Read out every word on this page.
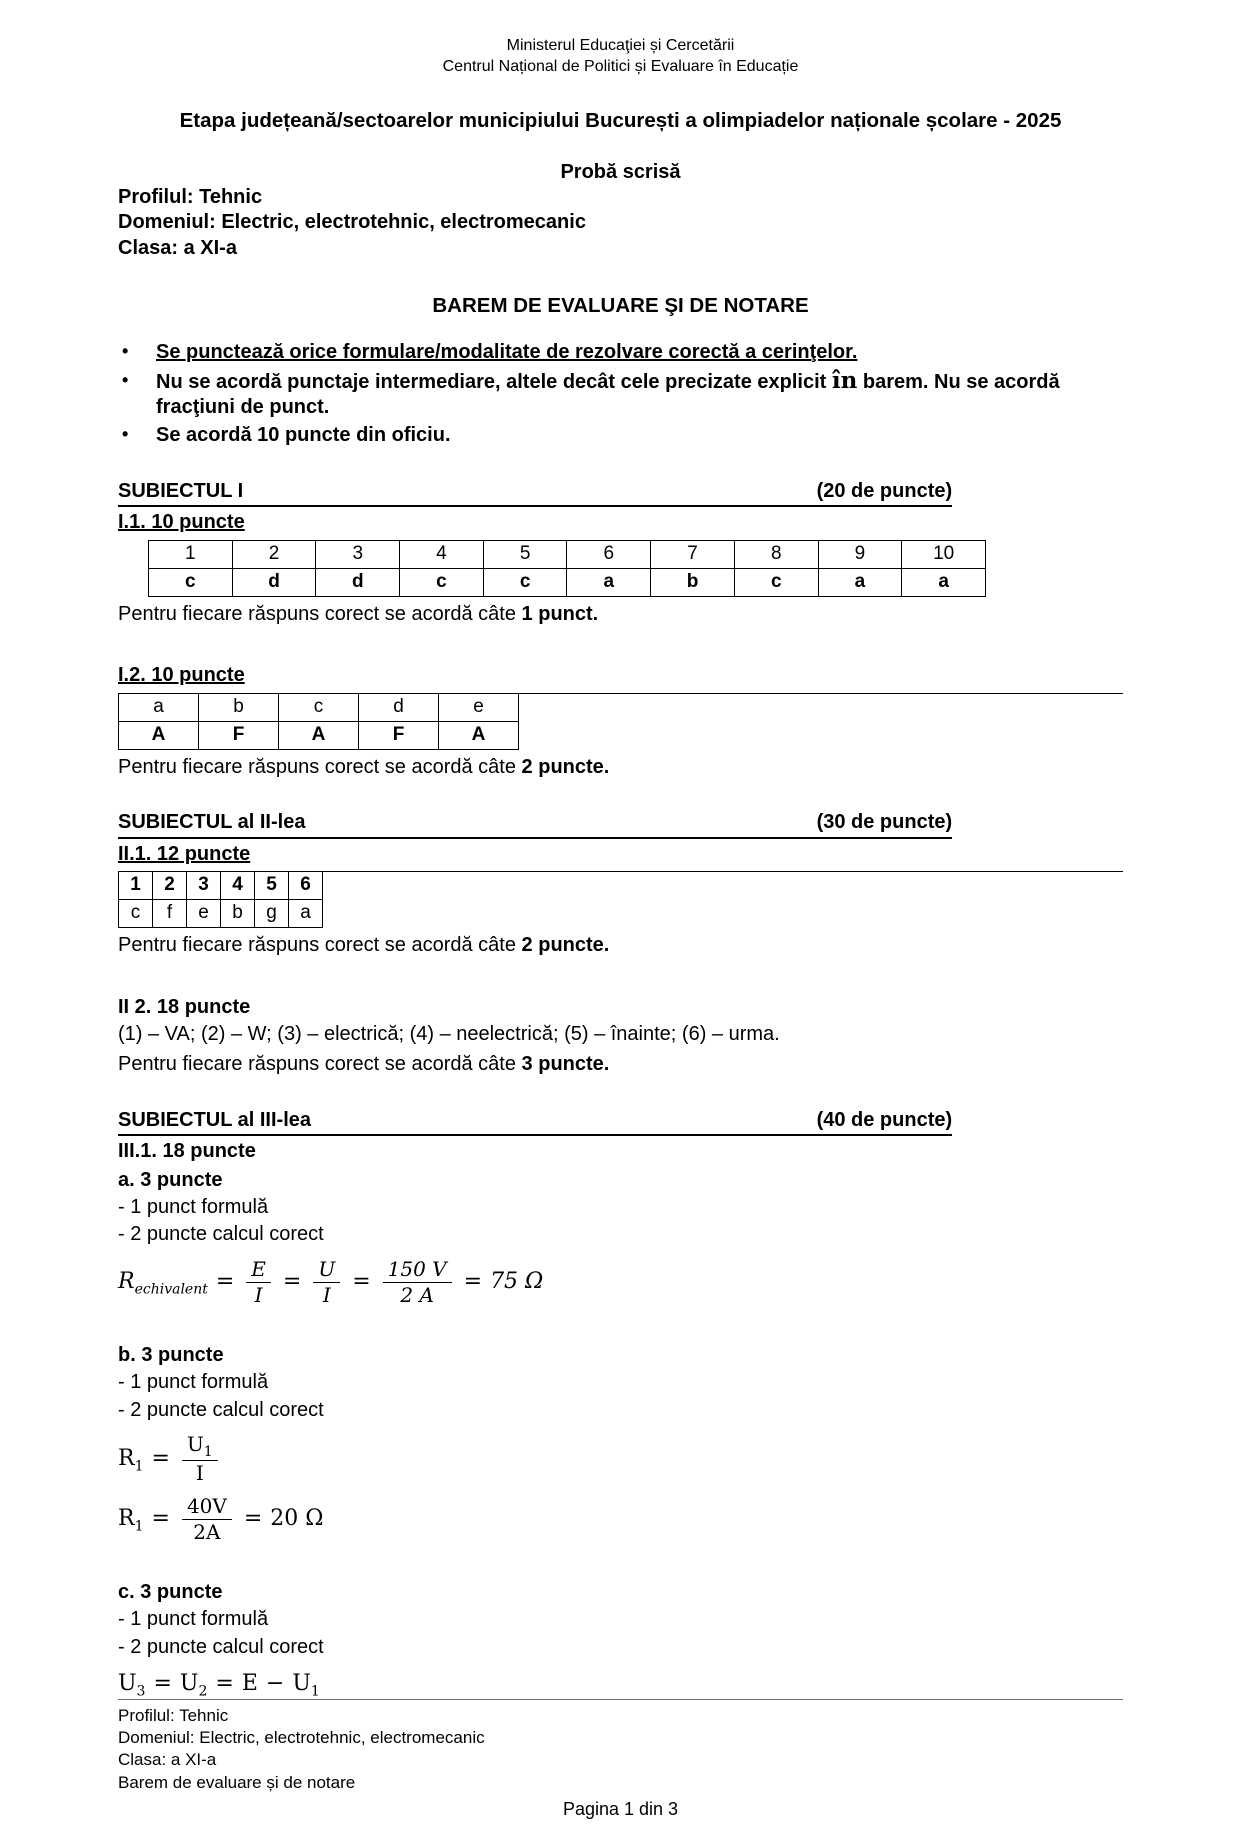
Ministerul Educaţiei și Cercetării
Centrul Național de Politici și Evaluare în Educație
Etapa județeană/sectoarelor municipiului București a olimpiadelor naționale școlare - 2025
Probă scrisă
Profilul: Tehnic
Domeniul: Electric, electrotehnic, electromecanic
Clasa: a XI-a
BAREM DE EVALUARE ŞI DE NOTARE
• Se punctează orice formulare/modalitate de rezolvare corectă a cerinţelor.
• Nu se acordă punctaje intermediare, altele decât cele precizate explicit în barem. Nu se acordă fracţiuni de punct.
• Se acordă 10 puncte din oficiu.
SUBIECTUL I	(20 de puncte)
I.1. 10 puncte
1	2	3	4	5	6	7	8	9	10
c	d	d	c	c	a	b	c	a	a
Pentru fiecare răspuns corect se acordă câte 1 punct.
I.2. 10 puncte
a	b	c	d	e
A	F	A	F	A
Pentru fiecare răspuns corect se acordă câte 2 puncte.
SUBIECTUL al II-lea	(30 de puncte)
II.1. 12 puncte
1	2	3	4	5	6
c	f	e	b	g	a
Pentru fiecare răspuns corect se acordă câte 2 puncte.
II 2. 18 puncte
(1) – VA; (2) – W; (3) – electrică; (4) – neelectrică; (5) – înainte; (6) – urma.
Pentru fiecare răspuns corect se acordă câte 3 puncte.
SUBIECTUL al III-lea	(40 de puncte)
III.1. 18 puncte
a. 3 puncte
- 1 punct formulă
- 2 puncte calcul corect
$R_{echivalent} = \frac{E}{I} = \frac{U}{I} = \frac{150 V}{2 A} = 75$ Ω
b. 3 puncte
- 1 punct formulă
- 2 puncte calcul corect
$R_1 = \frac{U_1}{I}$
$R_1 = \frac{40V}{2A} = 20$ Ω
c. 3 puncte
- 1 punct formulă
- 2 puncte calcul corect
$U_3 = U_2 = E - U_1$
Profilul: Tehnic
Domeniul: Electric, electrotehnic, electromecanic
Clasa: a XI-a
Barem de evaluare și de notare
Pagina 1 din 3
